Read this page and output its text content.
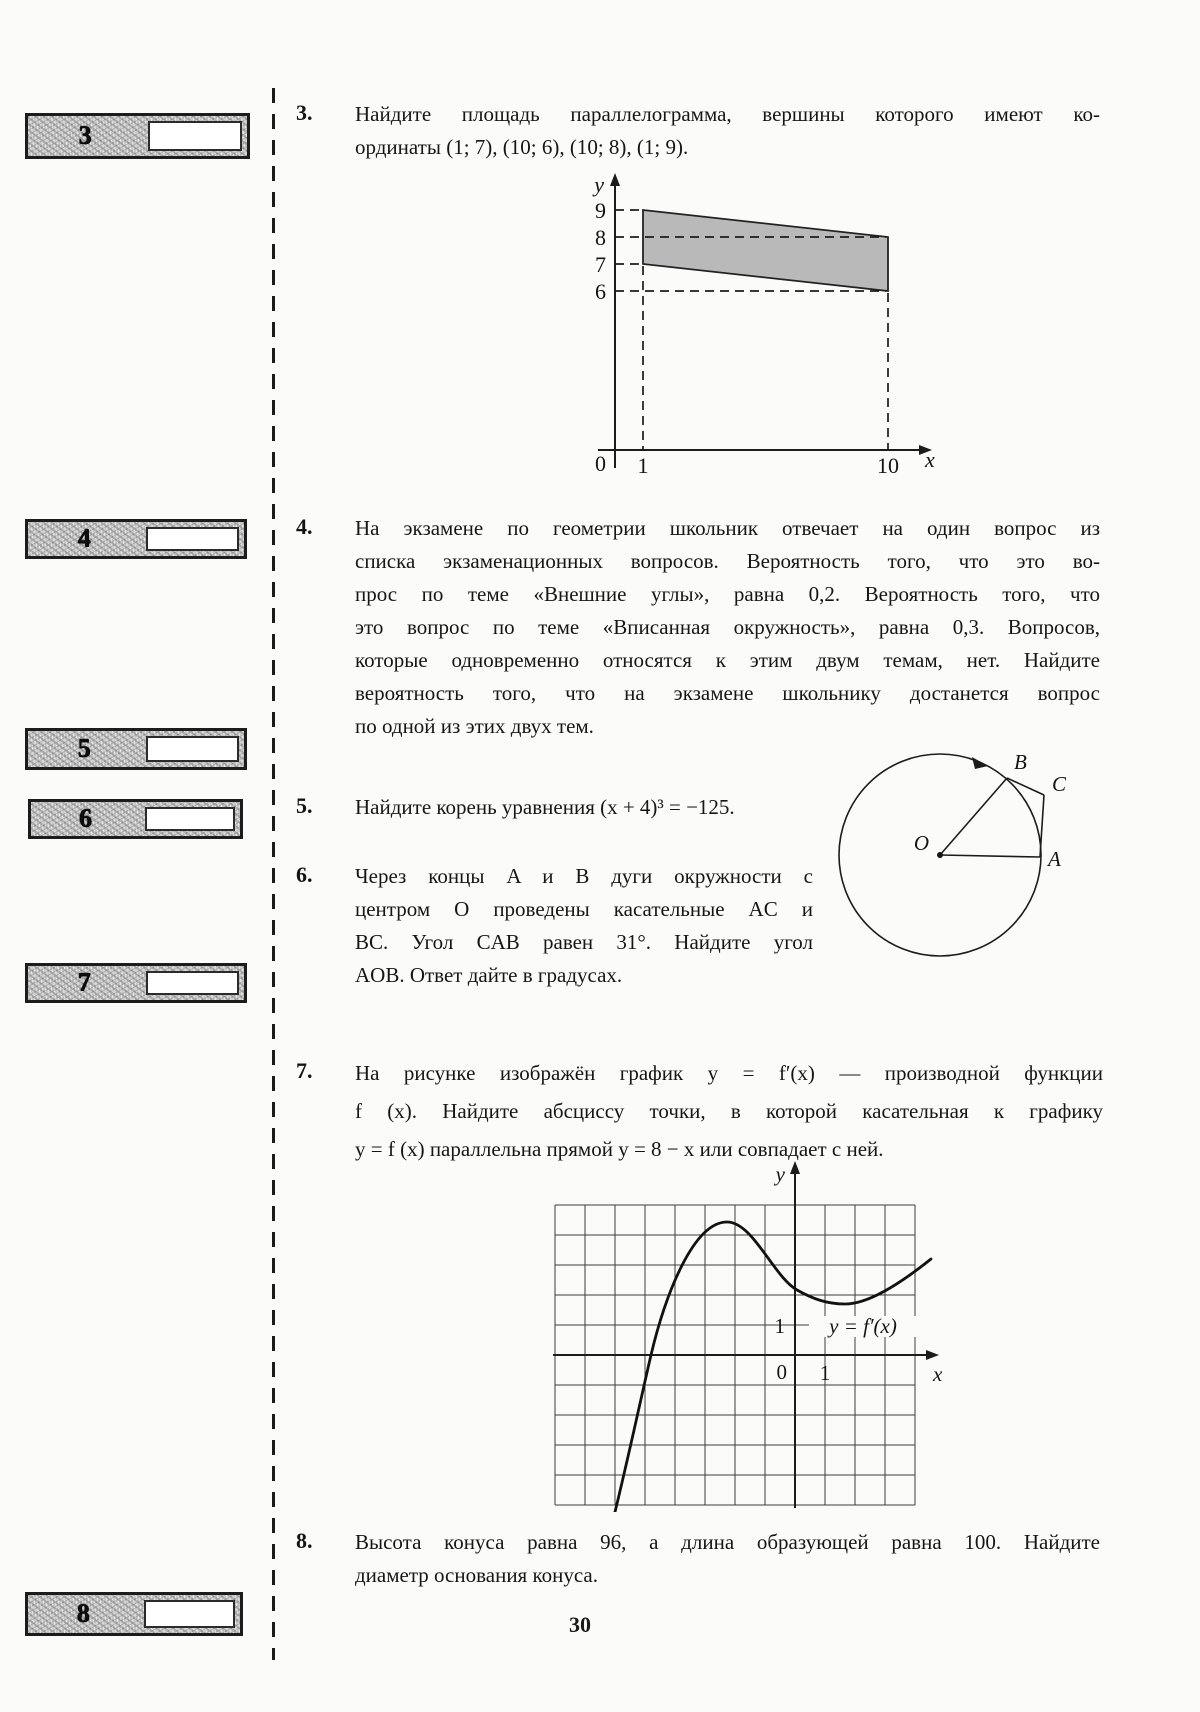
3
4
5
6
7
8
3. Найдите площадь параллелограмма, вершины которого имеют ко-
ординаты (1; 7), (10; 6), (10; 8), (1; 9).
y
9
8
7
6
0 1	10 x
4. На экзамене по геометрии школьник отвечает на один вопрос из
списка экзаменационных вопросов. Вероятность того, что это во-
прос по теме «Внешние углы», равна 0,2. Вероятность того, что
это вопрос по теме «Вписанная окружность», равна 0,3. Вопросов,
которые одновременно относятся к этим двум темам, нет. Найдите
вероятность того, что на экзамене школьнику достанется вопрос
по одной из этих двух тем.
5. Найдите корень уравнения (x + 4)³ = −125.
6. Через концы A и B дуги окружности с
центром O проведены касательные AC и
BC. Угол CAB равен 31°. Найдите угол
AOB. Ответ дайте в градусах.
O
B
C
A
7. На рисунке изображён график y = f′(x) — производной функции
f (x). Найдите абсциссу точки, в которой касательная к графику
y = f (x) параллельна прямой y = 8 − x или совпадает с ней.
y
1
0 1	x
y = f′(x)
8. Высота конуса равна 96, а длина образующей равна 100. Найдите
диаметр основания конуса.
30
